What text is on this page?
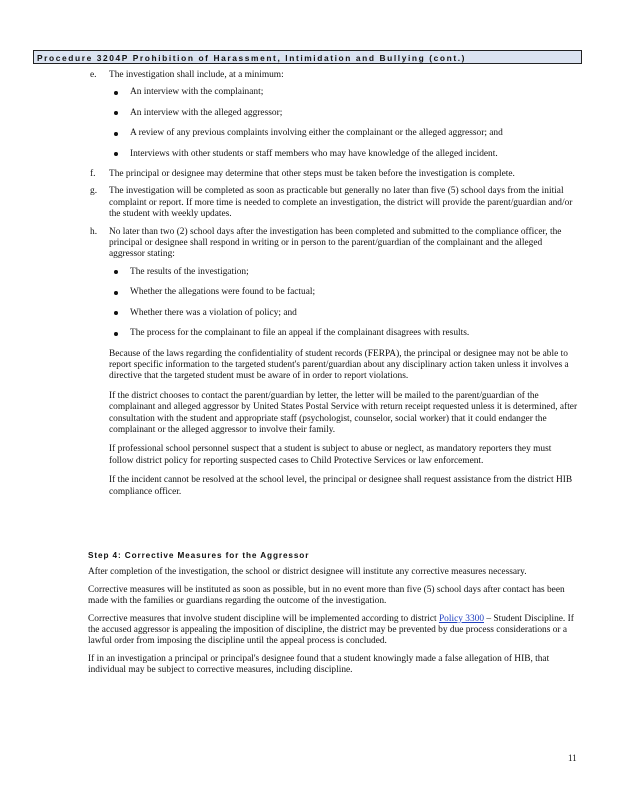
Procedure 3204P Prohibition of Harassment, Intimidation and Bullying (cont.)
e. The investigation shall include, at a minimum:
An interview with the complainant;
An interview with the alleged aggressor;
A review of any previous complaints involving either the complainant or the alleged aggressor; and
Interviews with other students or staff members who may have knowledge of the alleged incident.
f. The principal or designee may determine that other steps must be taken before the investigation is complete.
g. The investigation will be completed as soon as practicable but generally no later than five (5) school days from the initial complaint or report. If more time is needed to complete an investigation, the district will provide the parent/guardian and/or the student with weekly updates.
h. No later than two (2) school days after the investigation has been completed and submitted to the compliance officer, the principal or designee shall respond in writing or in person to the parent/guardian of the complainant and the alleged aggressor stating:
The results of the investigation;
Whether the allegations were found to be factual;
Whether there was a violation of policy; and
The process for the complainant to file an appeal if the complainant disagrees with results.
Because of the laws regarding the confidentiality of student records (FERPA), the principal or designee may not be able to report specific information to the targeted student's parent/guardian about any disciplinary action taken unless it involves a directive that the targeted student must be aware of in order to report violations.
If the district chooses to contact the parent/guardian by letter, the letter will be mailed to the parent/guardian of the complainant and alleged aggressor by United States Postal Service with return receipt requested unless it is determined, after consultation with the student and appropriate staff (psychologist, counselor, social worker) that it could endanger the complainant or the alleged aggressor to involve their family.
If professional school personnel suspect that a student is subject to abuse or neglect, as mandatory reporters they must follow district policy for reporting suspected cases to Child Protective Services or law enforcement.
If the incident cannot be resolved at the school level, the principal or designee shall request assistance from the district HIB compliance officer.
Step 4: Corrective Measures for the Aggressor

After completion of the investigation, the school or district designee will institute any corrective measures necessary.

Corrective measures will be instituted as soon as possible, but in no event more than five (5) school days after contact has been made with the families or guardians regarding the outcome of the investigation.

Corrective measures that involve student discipline will be implemented according to district Policy 3300 – Student Discipline. If the accused aggressor is appealing the imposition of discipline, the district may be prevented by due process considerations or a lawful order from imposing the discipline until the appeal process is concluded.

If in an investigation a principal or principal's designee found that a student knowingly made a false allegation of HIB, that individual may be subject to corrective measures, including discipline.

11
